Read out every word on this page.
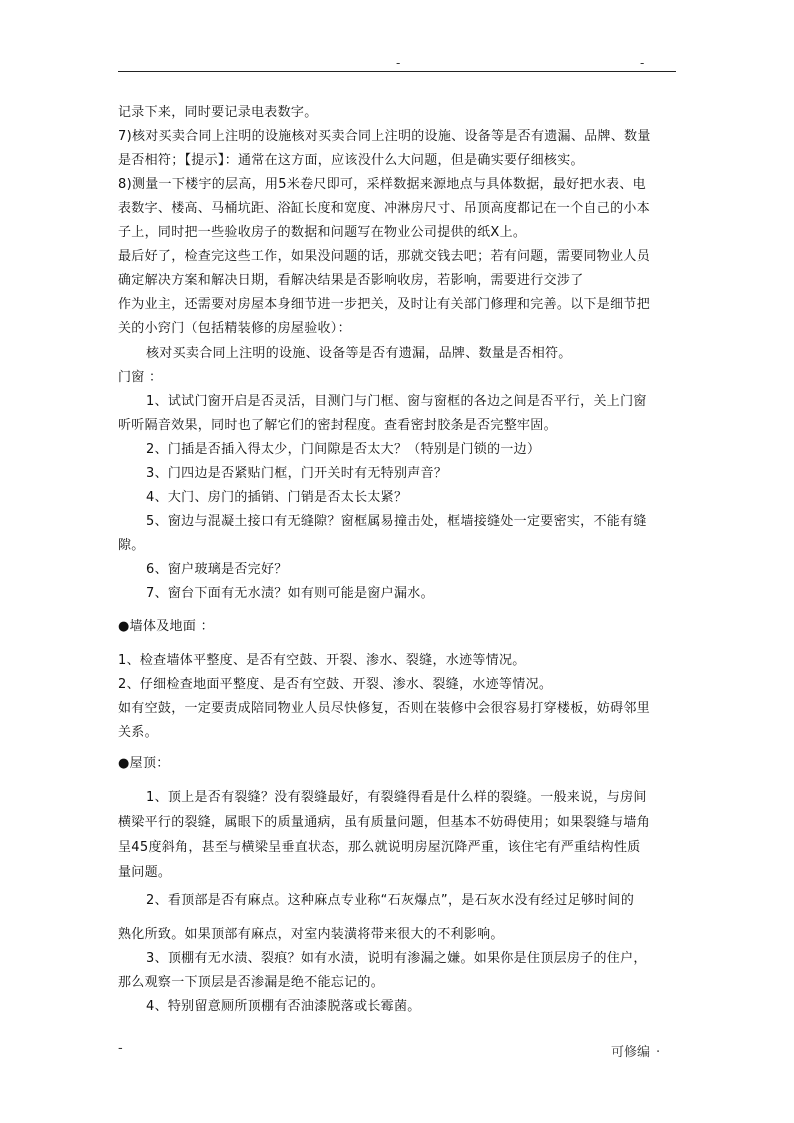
-	-
记录下来，同时要记录电表数字。
7)核对买卖合同上注明的设施核对买卖合同上注明的设施、设备等是否有遗漏、品牌、数量
是否相符；【提示】：通常在这方面，应该没什么大问题，但是确实要仔细核实。
8)测量一下楼宇的层高，用5米卷尺即可，采样数据来源地点与具体数据，最好把水表、电
表数字、楼高、马桶坑距、浴缸长度和宽度、冲淋房尺寸、吊顶高度都记在一个自己的小本
子上，同时把一些验收房子的数据和问题写在物业公司提供的纸X上。
最后好了，检查完这些工作，如果没问题的话，那就交钱去吧；若有问题，需要同物业人员
确定解决方案和解决日期，看解决结果是否影响收房，若影响，需要进行交涉了
作为业主，还需要对房屋本身细节进一步把关，及时让有关部门修理和完善。以下是细节把
关的小窍门（包括精装修的房屋验收）：
核对买卖合同上注明的设施、设备等是否有遗漏，品牌、数量是否相符。
门窗 ：
1、试试门窗开启是否灵活，目测门与门框、窗与窗框的各边之间是否平行，关上门窗
听听隔音效果，同时也了解它们的密封程度。查看密封胶条是否完整牢固。
2、门插是否插入得太少，门间隙是否太大？（特别是门锁的一边）
3、门四边是否紧贴门框，门开关时有无特别声音？
4、大门、房门的插销、门销是否太长太紧？
5、窗边与混凝土接口有无缝隙？窗框属易撞击处，框墙接缝处一定要密实，不能有缝
隙。
6、窗户玻璃是否完好？
7、窗台下面有无水渍？如有则可能是窗户漏水。
●墙体及地面 ：
1、检查墙体平整度、是否有空鼓、开裂、渗水、裂缝，水迹等情况。
2、仔细检查地面平整度、是否有空鼓、开裂、渗水、裂缝，水迹等情况。
如有空鼓，一定要责成陪同物业人员尽快修复，否则在装修中会很容易打穿楼板，妨碍邻里
关系。
●屋顶：
1、顶上是否有裂缝？没有裂缝最好，有裂缝得看是什么样的裂缝。一般来说，与房间
横梁平行的裂缝，属眼下的质量通病，虽有质量问题，但基本不妨碍使用；如果裂缝与墙角
呈45度斜角，甚至与横梁呈垂直状态，那么就说明房屋沉降严重，该住宅有严重结构性质
量问题。
2、看顶部是否有麻点。这种麻点专业称“石灰爆点”，是石灰水没有经过足够时间的
熟化所致。如果顶部有麻点，对室内装潢将带来很大的不利影响。
3、顶棚有无水渍、裂痕？如有水渍，说明有渗漏之嫌。如果你是住顶层房子的住户，
那么观察一下顶层是否渗漏是绝不能忘记的。
4、特别留意厕所顶棚有否油漆脱落或长霉菌。
-	可修编 .
